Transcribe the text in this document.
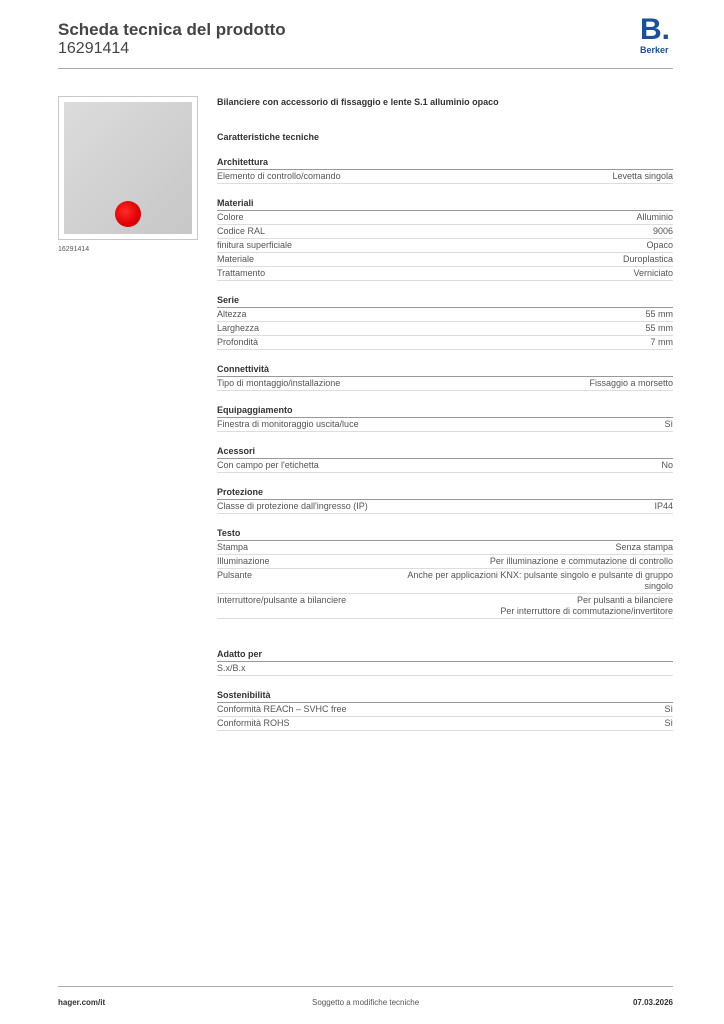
Scheda tecnica del prodotto
16291414
B.
Berker
16291414
Bilanciere con accessorio di fissaggio e lente S.1 alluminio opaco
Caratteristiche tecniche
Architettura
Elemento di controllo/comando	Levetta singola
Materiali
Colore	Alluminio
Codice RAL	9006
finitura superficiale	Opaco
Materiale	Duroplastica
Trattamento	Verniciato
Serie
Altezza	55 mm
Larghezza	55 mm
Profondità	7 mm
Connettività
Tipo di montaggio/installazione	Fissaggio a morsetto
Equipaggiamento
Finestra di monitoraggio uscita/luce	Sì
Acessori
Con campo per l'etichetta	No
Protezione
Classe di protezione dall'ingresso (IP)	IP44
Testo
Stampa	Senza stampa
Illuminazione	Per illuminazione e commutazione di controllo
Pulsante	Anche per applicazioni KNX: pulsante singolo e pulsante di gruppo singolo
Interruttore/pulsante a bilanciere	Per pulsanti a bilanciere
Per interruttore di commutazione/invertitore
Adatto per
S.x/B.x
Sostenibilità
Conformità REACh – SVHC free	Sì
Conformità ROHS	Sì
hager.com/it	Soggetto a modifiche tecniche	07.03.2026
